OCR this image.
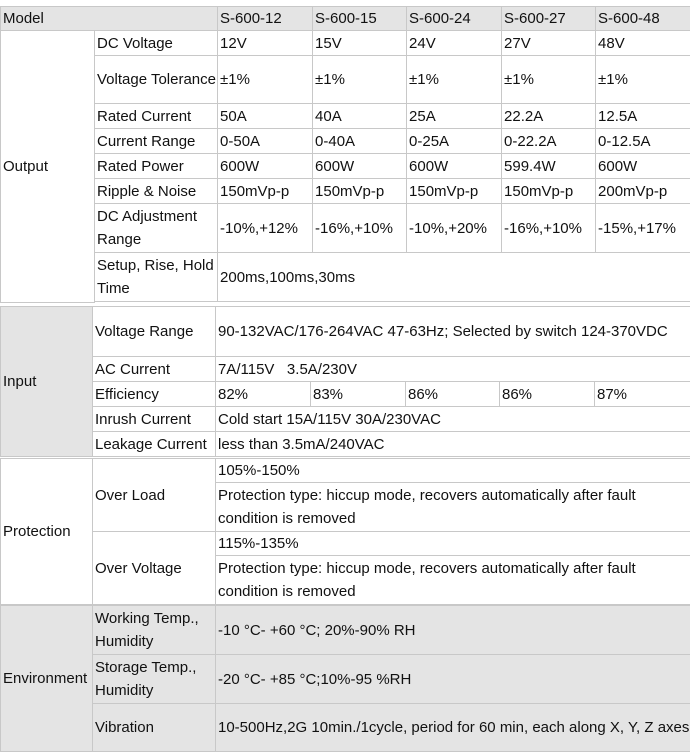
Model		S-600-12	S-600-15	S-600-24	S-600-27	S-600-48
Output	DC Voltage	12V	15V	24V	27V	48V
	Voltage Tolerance	±1%	±1%	±1%	±1%	±1%
	Rated Current	50A	40A	25A	22.2A	12.5A
	Current Range	0-50A	0-40A	0-25A	0-22.2A	0-12.5A
	Rated Power	600W	600W	600W	599.4W	600W
	Ripple & Noise	150mVp-p	150mVp-p	150mVp-p	150mVp-p	200mVp-p
	DC Adjustment Range	-10%,+12%	-16%,+10%	-10%,+20%	-16%,+10%	-15%,+17%
	Setup, Rise, Hold Time	200ms,100ms,30ms				

Input	Voltage Range	90-132VAC/176-264VAC 47-63Hz; Selected by switch 124-370VDC				
	AC Current	7A/115V   3.5A/230V				
	Efficiency	82%	83%	86%	86%	87%
	Inrush Current	Cold start 15A/115V 30A/230VAC				
	Leakage Current	less than 3.5mA/240VAC				
Protection	Over Load	105%-150%
		Protection type: hiccup mode, recovers automatically after fault condition is removed
	Over Voltage	115%-135%
		Protection type: hiccup mode, recovers automatically after fault condition is removed
Environment	Working Temp., Humidity	-10 °C- +60 °C; 20%-90% RH
	Storage Temp., Humidity	-20 °C- +85 °C;10%-95 %RH
	Vibration	10-500Hz,2G 10min./1cycle, period for 60 min, each along X, Y, Z axes
